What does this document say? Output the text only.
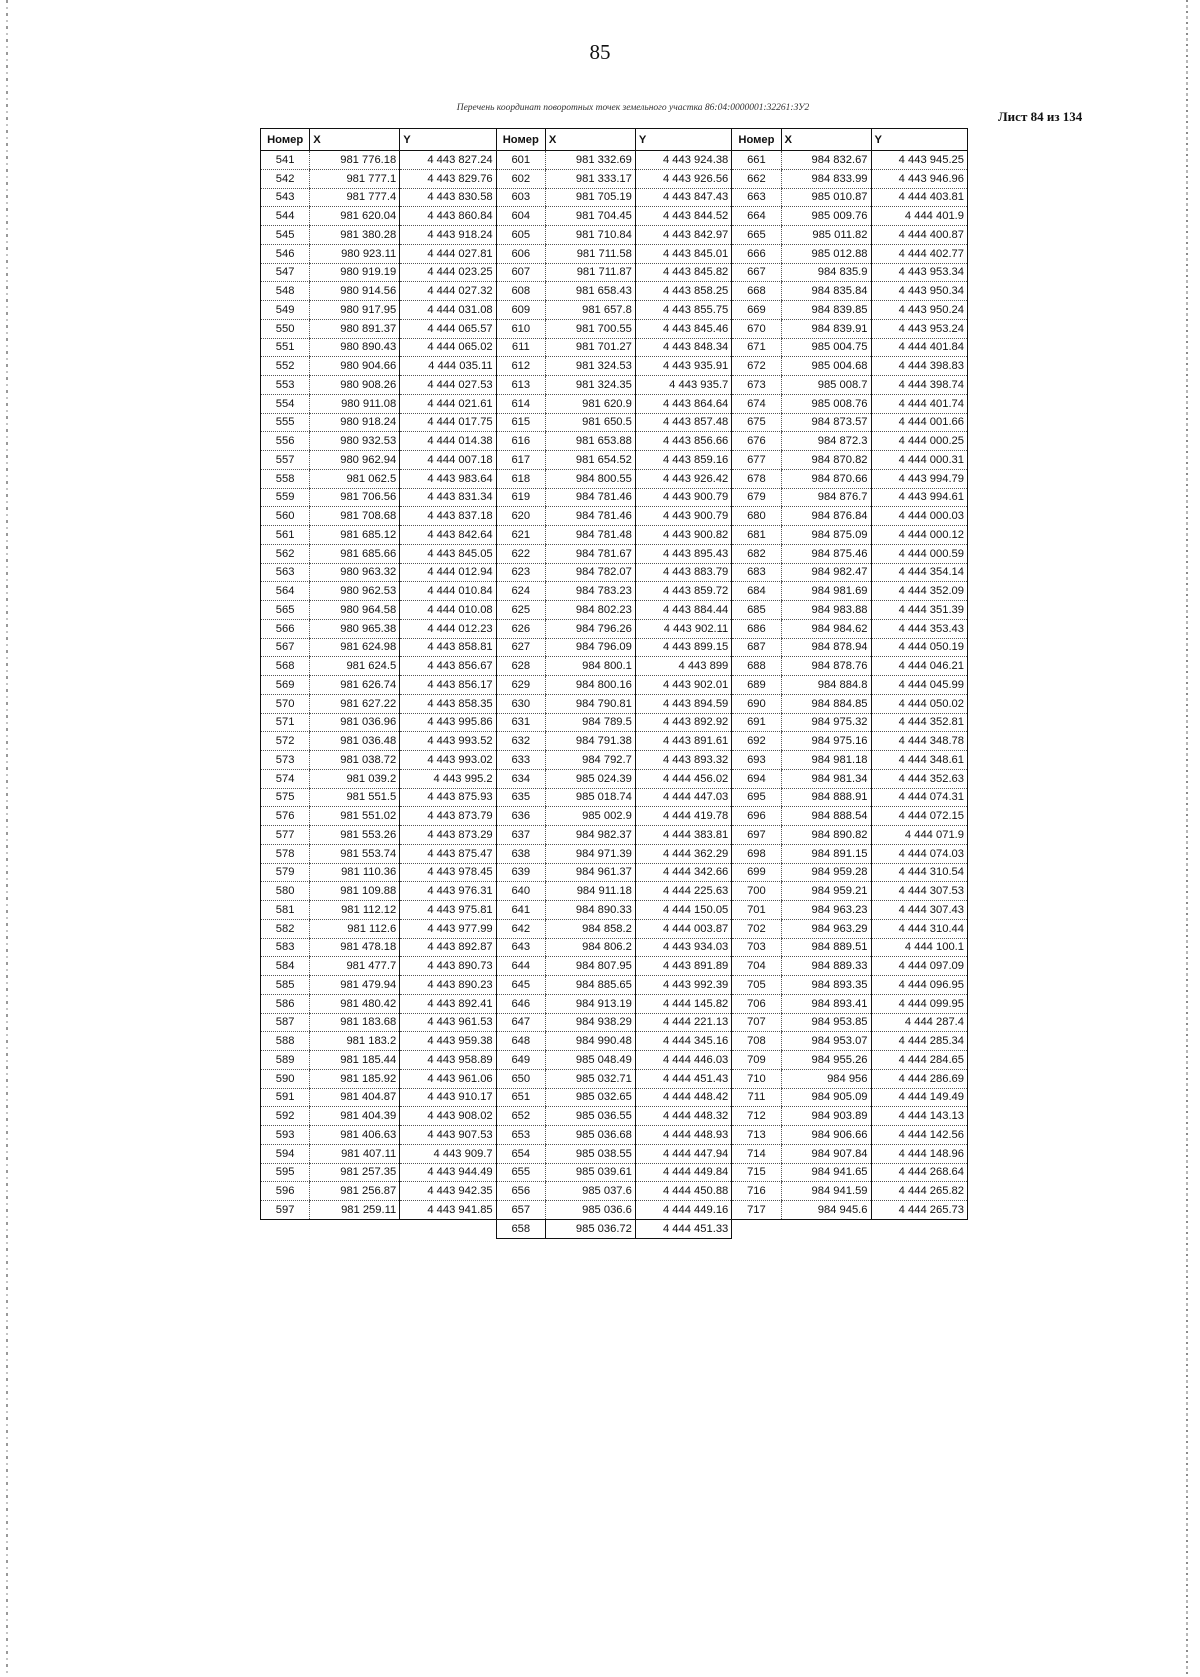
85
Перечень координат поворотных точек земельного участка 86:04:0000001:32261:ЗУ2
Лист 84 из 134
Номер	X	Y	Номер	X	Y	Номер	X	Y
541	981 776.18	4 443 827.24	601	981 332.69	4 443 924.38	661	984 832.67	4 443 945.25
542	981 777.1	4 443 829.76	602	981 333.17	4 443 926.56	662	984 833.99	4 443 946.96
543	981 777.4	4 443 830.58	603	981 705.19	4 443 847.43	663	985 010.87	4 444 403.81
544	981 620.04	4 443 860.84	604	981 704.45	4 443 844.52	664	985 009.76	4 444 401.9
545	981 380.28	4 443 918.24	605	981 710.84	4 443 842.97	665	985 011.82	4 444 400.87
546	980 923.11	4 444 027.81	606	981 711.58	4 443 845.01	666	985 012.88	4 444 402.77
547	980 919.19	4 444 023.25	607	981 711.87	4 443 845.82	667	984 835.9	4 443 953.34
548	980 914.56	4 444 027.32	608	981 658.43	4 443 858.25	668	984 835.84	4 443 950.34
549	980 917.95	4 444 031.08	609	981 657.8	4 443 855.75	669	984 839.85	4 443 950.24
550	980 891.37	4 444 065.57	610	981 700.55	4 443 845.46	670	984 839.91	4 443 953.24
551	980 890.43	4 444 065.02	611	981 701.27	4 443 848.34	671	985 004.75	4 444 401.84
552	980 904.66	4 444 035.11	612	981 324.53	4 443 935.91	672	985 004.68	4 444 398.83
553	980 908.26	4 444 027.53	613	981 324.35	4 443 935.7	673	985 008.7	4 444 398.74
554	980 911.08	4 444 021.61	614	981 620.9	4 443 864.64	674	985 008.76	4 444 401.74
555	980 918.24	4 444 017.75	615	981 650.5	4 443 857.48	675	984 873.57	4 444 001.66
556	980 932.53	4 444 014.38	616	981 653.88	4 443 856.66	676	984 872.3	4 444 000.25
557	980 962.94	4 444 007.18	617	981 654.52	4 443 859.16	677	984 870.82	4 444 000.31
558	981 062.5	4 443 983.64	618	984 800.55	4 443 926.42	678	984 870.66	4 443 994.79
559	981 706.56	4 443 831.34	619	984 781.46	4 443 900.79	679	984 876.7	4 443 994.61
560	981 708.68	4 443 837.18	620	984 781.46	4 443 900.79	680	984 876.84	4 444 000.03
561	981 685.12	4 443 842.64	621	984 781.48	4 443 900.82	681	984 875.09	4 444 000.12
562	981 685.66	4 443 845.05	622	984 781.67	4 443 895.43	682	984 875.46	4 444 000.59
563	980 963.32	4 444 012.94	623	984 782.07	4 443 883.79	683	984 982.47	4 444 354.14
564	980 962.53	4 444 010.84	624	984 783.23	4 443 859.72	684	984 981.69	4 444 352.09
565	980 964.58	4 444 010.08	625	984 802.23	4 443 884.44	685	984 983.88	4 444 351.39
566	980 965.38	4 444 012.23	626	984 796.26	4 443 902.11	686	984 984.62	4 444 353.43
567	981 624.98	4 443 858.81	627	984 796.09	4 443 899.15	687	984 878.94	4 444 050.19
568	981 624.5	4 443 856.67	628	984 800.1	4 443 899	688	984 878.76	4 444 046.21
569	981 626.74	4 443 856.17	629	984 800.16	4 443 902.01	689	984 884.8	4 444 045.99
570	981 627.22	4 443 858.35	630	984 790.81	4 443 894.59	690	984 884.85	4 444 050.02
571	981 036.96	4 443 995.86	631	984 789.5	4 443 892.92	691	984 975.32	4 444 352.81
572	981 036.48	4 443 993.52	632	984 791.38	4 443 891.61	692	984 975.16	4 444 348.78
573	981 038.72	4 443 993.02	633	984 792.7	4 443 893.32	693	984 981.18	4 444 348.61
574	981 039.2	4 443 995.2	634	985 024.39	4 444 456.02	694	984 981.34	4 444 352.63
575	981 551.5	4 443 875.93	635	985 018.74	4 444 447.03	695	984 888.91	4 444 074.31
576	981 551.02	4 443 873.79	636	985 002.9	4 444 419.78	696	984 888.54	4 444 072.15
577	981 553.26	4 443 873.29	637	984 982.37	4 444 383.81	697	984 890.82	4 444 071.9
578	981 553.74	4 443 875.47	638	984 971.39	4 444 362.29	698	984 891.15	4 444 074.03
579	981 110.36	4 443 978.45	639	984 961.37	4 444 342.66	699	984 959.28	4 444 310.54
580	981 109.88	4 443 976.31	640	984 911.18	4 444 225.63	700	984 959.21	4 444 307.53
581	981 112.12	4 443 975.81	641	984 890.33	4 444 150.05	701	984 963.23	4 444 307.43
582	981 112.6	4 443 977.99	642	984 858.2	4 444 003.87	702	984 963.29	4 444 310.44
583	981 478.18	4 443 892.87	643	984 806.2	4 443 934.03	703	984 889.51	4 444 100.1
584	981 477.7	4 443 890.73	644	984 807.95	4 443 891.89	704	984 889.33	4 444 097.09
585	981 479.94	4 443 890.23	645	984 885.65	4 443 992.39	705	984 893.35	4 444 096.95
586	981 480.42	4 443 892.41	646	984 913.19	4 444 145.82	706	984 893.41	4 444 099.95
587	981 183.68	4 443 961.53	647	984 938.29	4 444 221.13	707	984 953.85	4 444 287.4
588	981 183.2	4 443 959.38	648	984 990.48	4 444 345.16	708	984 953.07	4 444 285.34
589	981 185.44	4 443 958.89	649	985 048.49	4 444 446.03	709	984 955.26	4 444 284.65
590	981 185.92	4 443 961.06	650	985 032.71	4 444 451.43	710	984 956	4 444 286.69
591	981 404.87	4 443 910.17	651	985 032.65	4 444 448.42	711	984 905.09	4 444 149.49
592	981 404.39	4 443 908.02	652	985 036.55	4 444 448.32	712	984 903.89	4 444 143.13
593	981 406.63	4 443 907.53	653	985 036.68	4 444 448.93	713	984 906.66	4 444 142.56
594	981 407.11	4 443 909.7	654	985 038.55	4 444 447.94	714	984 907.84	4 444 148.96
595	981 257.35	4 443 944.49	655	985 039.61	4 444 449.84	715	984 941.65	4 444 268.64
596	981 256.87	4 443 942.35	656	985 037.6	4 444 450.88	716	984 941.59	4 444 265.82
597	981 259.11	4 443 941.85	657	985 036.6	4 444 449.16	717	984 945.6	4 444 265.73
			658	985 036.72	4 444 451.33			
